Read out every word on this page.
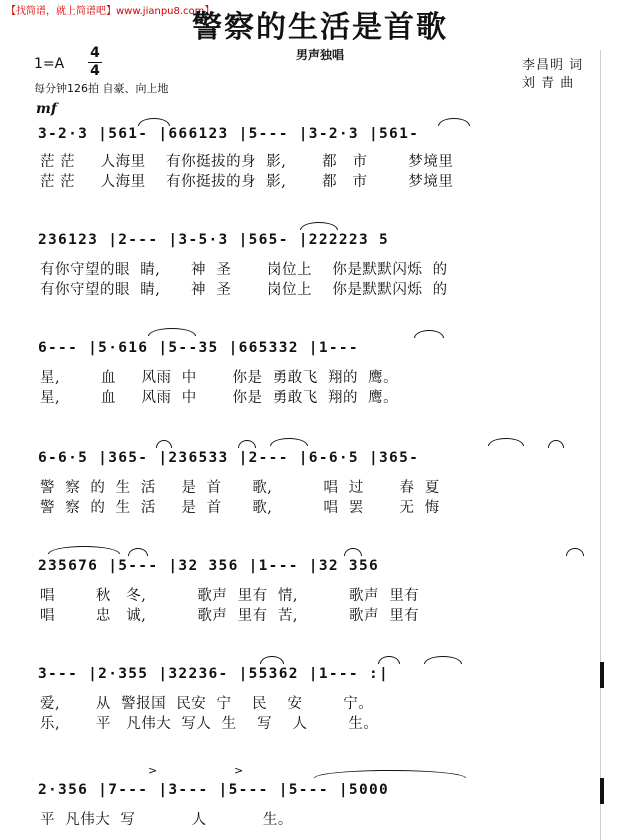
【找简谱，就上简谱吧】www.jianpu8.com】
警察的生活是首歌
男声独唱
1=A
4
4
每分钟126拍 自豪、向上地
李昌明 词
刘 青 曲
mf
3-2·3 |561- |666123 |5--- |3-2·3 |561-
茫 茫     人海里    有你挺拔的身  影,       都   市        梦境里
茫 茫     人海里    有你挺拔的身  影,       都   市        梦境里
236123 |2--- |3-5·3 |565- |222223 5
有你守望的眼  睛,      神  圣       岗位上    你是默默闪烁  的
有你守望的眼  睛,      神  圣       岗位上    你是默默闪烁  的
6--- |5·616 |5--35 |665332 |1---
星,        血     风雨  中       你是  勇敢飞  翔的  鹰。
星,        血     风雨  中       你是  勇敢飞  翔的  鹰。
6-6·5 |365- |236533 |2--- |6-6·5 |365-
警  察  的  生  活     是  首      歌,          唱  过       春  夏
警  察  的  生  活     是  首      歌,          唱  罢       无  悔
235676 |5--- |32 356 |1--- |32 356
唱        秋   冬,          歌声  里有  情,          歌声  里有
唱        忠   诚,          歌声  里有  苦,          歌声  里有
3--- |2·355 |32236- |55362 |1--- :|
爱,       从  警报国  民安  宁    民    安        宁。
乐,       平   凡伟大  写人  生    写    人        生。
2·356 |7--- |3--- |5--- |5--- |5000
>	>
平  凡伟大  写           人           生。
